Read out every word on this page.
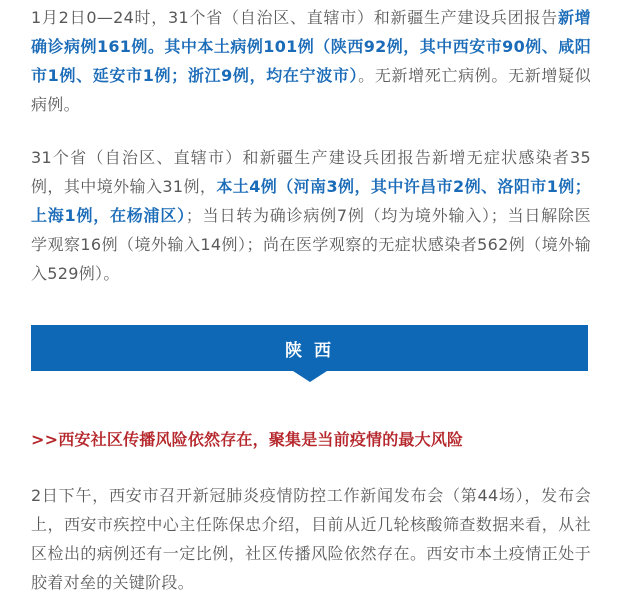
1月2日0—24时，31个省（自治区、直辖市）和新疆生产建设兵团报告新增确诊病例161例。其中本土病例101例（陕西92例，其中西安市90例、咸阳市1例、延安市1例；浙江9例，均在宁波市）。无新增死亡病例。无新增疑似病例。

31个省（自治区、直辖市）和新疆生产建设兵团报告新增无症状感染者35例，其中境外输入31例，本土4例（河南3例，其中许昌市2例、洛阳市1例；上海1例，在杨浦区）；当日转为确诊病例7例（均为境外输入）；当日解除医学观察16例（境外输入14例）；尚在医学观察的无症状感染者562例（境外输入529例）。

2日下午，西安市召开新冠肺炎疫情防控工作新闻发布会（第44场），发布会上，西安市疾控中心主任陈保忠介绍，目前从近几轮核酸筛查数据来看，从社区检出的病例还有一定比例，社区传播风险依然存在。西安市本土疫情正处于胶着对垒的关键阶段。

陕 西
>>西安社区传播风险依然存在，聚集是当前疫情的最大风险
